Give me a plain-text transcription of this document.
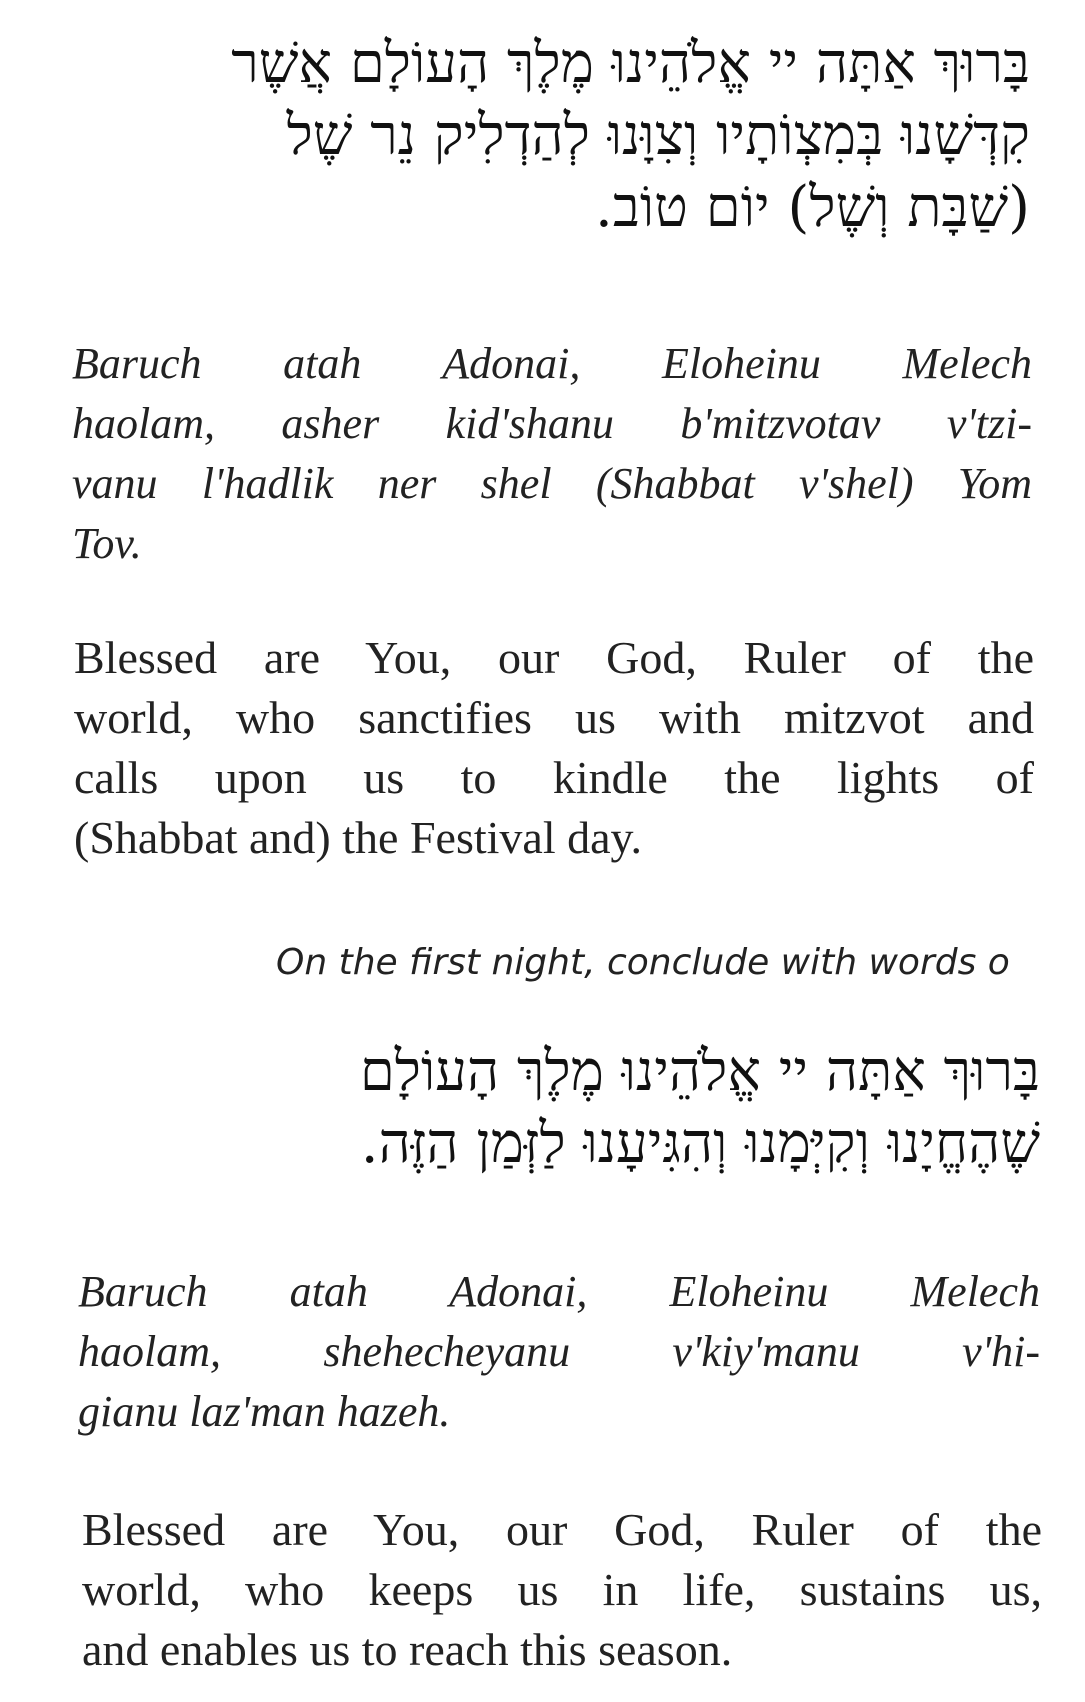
בָּרוּךְ אַתָּה יי אֱלֹהֵינוּ מֶלֶךְ הָעוֹלָם אֲשֶׁר
קִדְּשָׁנוּ בְּמִצְוֹתָיו וְצִוָּנוּ לְהַדְלִיק נֵר שֶׁל
(שַׁבָּת וְשֶׁל) יוֹם טוֹב.
Baruch atah Adonai, Eloheinu Melech
haolam, asher kid'shanu b'mitzvotav v'tzi-
vanu l'hadlik ner shel (Shabbat v'shel) Yom
Tov.
Blessed are You, our God, Ruler of the
world, who sanctifies us with mitzvot and
calls upon us to kindle the lights of
(Shabbat and) the Festival day.
On the first night, conclude with words o
בָּרוּךְ אַתָּה יי אֱלֹהֵינוּ מֶלֶךְ הָעוֹלָם
שֶׁהֶחֱיָנוּ וְקִיְּמָנוּ וְהִגִּיעָנוּ לַזְּמַן הַזֶּה.
Baruch atah Adonai, Eloheinu Melech
haolam, shehecheyanu v'kiy'manu v'hi-
gianu laz'man hazeh.
Blessed are You, our God, Ruler of the
world, who keeps us in life, sustains us,
and enables us to reach this season.
